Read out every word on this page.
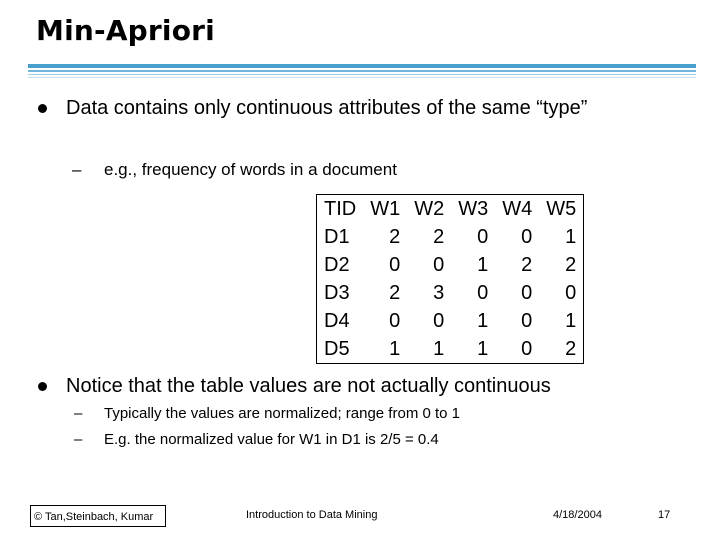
Min-Apriori
Data contains only continuous attributes of the same “type”
– e.g., frequency of words in a document
TID	W1	W2	W3	W4	W5
D1	2	2	0	0	1
D2	0	0	1	2	2
D3	2	3	0	0	0
D4	0	0	1	0	1
D5	1	1	1	0	2
Notice that the table values are not actually continuous
– Typically the values are normalized; range from 0 to 1
– E.g. the normalized value for W1 in D1 is 2/5 = 0.4
© Tan,Steinbach, Kumar	Introduction to Data Mining	4/18/2004	17
